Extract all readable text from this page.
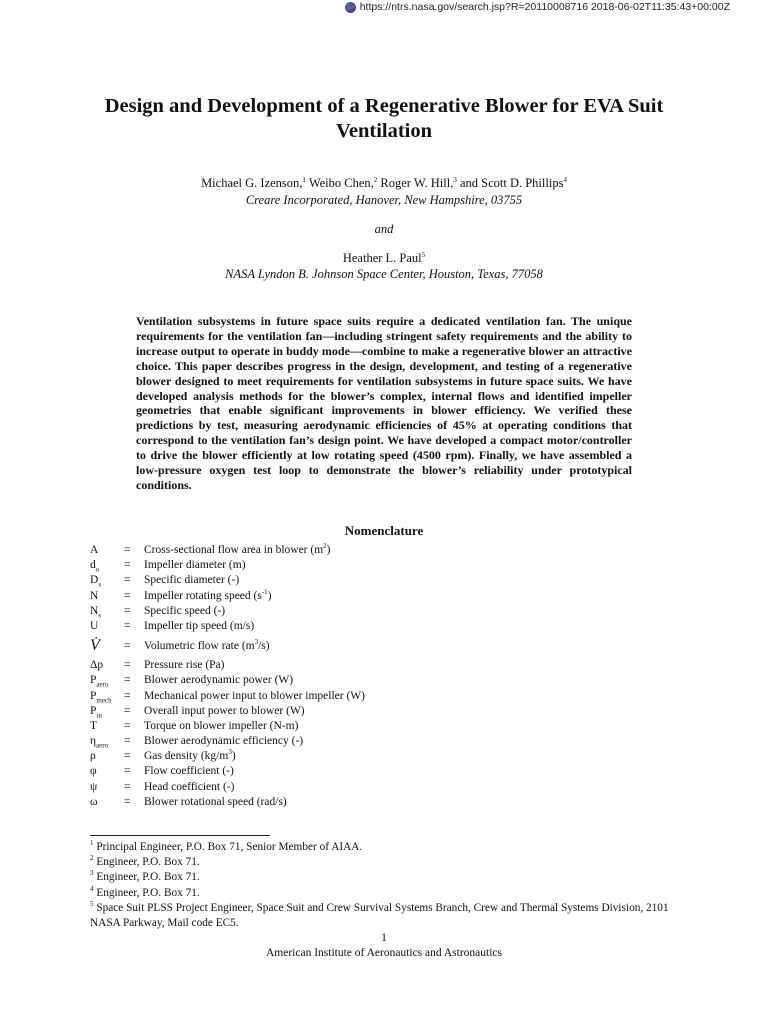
https://ntrs.nasa.gov/search.jsp?R=20110008716 2018-06-02T11:35:43+00:00Z
Design and Development of a Regenerative Blower for EVA Suit Ventilation
Michael G. Izenson,$^1$ Weibo Chen,$^2$ Roger W. Hill,$^3$ and Scott D. Phillips$^4$
Creare Incorporated, Hanover, New Hampshire, 03755
and
Heather L. Paul$^5$
NASA Lyndon B. Johnson Space Center, Houston, Texas, 77058

Ventilation subsystems in future space suits require a dedicated ventilation fan. The unique requirements for the ventilation fan—including stringent safety requirements and the ability to increase output to operate in buddy mode—combine to make a regenerative blower an attractive choice. This paper describes progress in the design, development, and testing of a regenerative blower designed to meet requirements for ventilation subsystems in future space suits. We have developed analysis methods for the blower’s complex, internal flows and identified impeller geometries that enable significant improvements in blower efficiency. We verified these predictions by test, measuring aerodynamic efficiencies of 45% at operating conditions that correspond to the ventilation fan’s design point. We have developed a compact motor/controller to drive the blower efficiently at low rotating speed (4500 rpm). Finally, we have assembled a low-pressure oxygen test loop to demonstrate the blower’s reliability under prototypical conditions.

Nomenclature
A	=	Cross-sectional flow area in blower $(m^2)$
$d_o$	=	Impeller diameter (m)
$D_s$	=	Specific diameter (-)
N	=	Impeller rotating speed $(s^{-1})$
$N_s$	=	Specific speed (-)
U	=	Impeller tip speed (m/s)
V̇	=	Volumetric flow rate $(m^3/s)$
Δp	=	Pressure rise (Pa)
$P_{aero}$	=	Blower aerodynamic power (W)
$P_{mech}$	=	Mechanical power input to blower impeller (W)
$P_{in}$	=	Overall input power to blower (W)
T	=	Torque on blower impeller (N-m)
$\eta_{aero}$	=	Blower aerodynamic efficiency (-)
ρ	=	Gas density $(kg/m^3)$
φ	=	Flow coefficient (-)
ψ	=	Head coefficient (-)
ω	=	Blower rotational speed (rad/s)
$^1$ Principal Engineer, P.O. Box 71, Senior Member of AIAA.
$^2$ Engineer, P.O. Box 71.
$^3$ Engineer, P.O. Box 71.
$^4$ Engineer, P.O. Box 71.
$^5$ Space Suit PLSS Project Engineer, Space Suit and Crew Survival Systems Branch, Crew and Thermal Systems Division, 2101 NASA Parkway, Mail code EC5.
1
American Institute of Aeronautics and Astronautics
